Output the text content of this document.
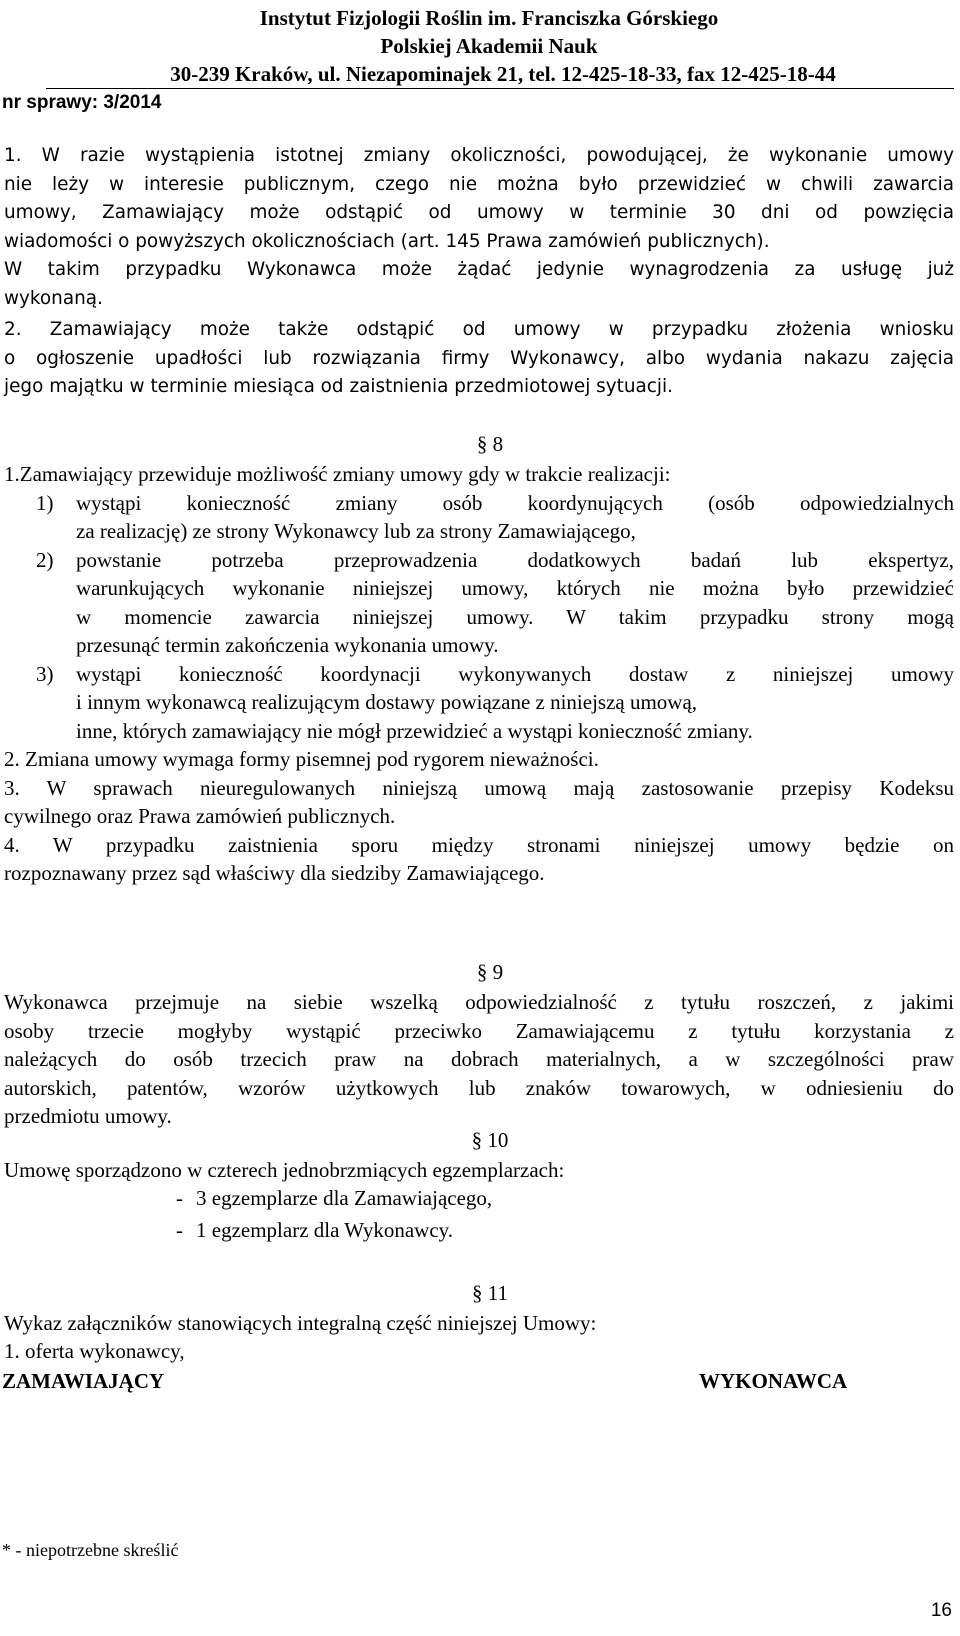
Instytut Fizjologii Roślin im. Franciszka Górskiego
Polskiej Akademii Nauk
30-239 Kraków, ul. Niezapominajek 21, tel. 12-425-18-33, fax 12-425-18-44
nr sprawy: 3/2014
1. W razie wystąpienia istotnej zmiany okoliczności, powodującej, że wykonanie umowy
nie leży w interesie publicznym, czego nie można było przewidzieć w chwili zawarcia
umowy, Zamawiający może odstąpić od umowy w terminie 30 dni od powzięcia
wiadomości o powyższych okolicznościach (art. 145 Prawa zamówień publicznych).
W takim przypadku Wykonawca może żądać jedynie wynagrodzenia za usługę już
wykonaną.
2. Zamawiający może także odstąpić od umowy w przypadku złożenia wniosku
o ogłoszenie upadłości lub rozwiązania firmy Wykonawcy, albo wydania nakazu zajęcia
jego majątku w terminie miesiąca od zaistnienia przedmiotowej sytuacji.
§ 8
1.Zamawiający przewiduje możliwość zmiany umowy gdy w trakcie realizacji:
1)	wystąpi konieczność zmiany osób koordynujących (osób odpowiedzialnych
za realizację) ze strony Wykonawcy lub za strony Zamawiającego,
2)	powstanie potrzeba przeprowadzenia dodatkowych badań lub ekspertyz,
warunkujących wykonanie niniejszej umowy, których nie można było przewidzieć
w momencie zawarcia niniejszej umowy. W takim przypadku strony mogą
przesunąć termin zakończenia wykonania umowy.
3)	wystąpi konieczność koordynacji wykonywanych dostaw z niniejszej umowy
i innym wykonawcą realizującym dostawy powiązane z niniejszą umową,
inne, których zamawiający nie mógł przewidzieć a wystąpi konieczność zmiany.
2. Zmiana umowy wymaga formy pisemnej pod rygorem nieważności.
3. W sprawach nieuregulowanych niniejszą umową mają zastosowanie przepisy Kodeksu
cywilnego oraz Prawa zamówień publicznych.
4. W przypadku zaistnienia sporu między stronami niniejszej umowy będzie on
rozpoznawany przez sąd właściwy dla siedziby Zamawiającego.
§ 9
Wykonawca przejmuje na siebie wszelką odpowiedzialność z tytułu roszczeń, z jakimi
osoby trzecie mogłyby wystąpić przeciwko Zamawiającemu z tytułu korzystania z
należących do osób trzecich praw na dobrach materialnych, a w szczególności praw
autorskich, patentów, wzorów użytkowych lub znaków towarowych, w odniesieniu do
przedmiotu umowy.
§ 10
Umowę sporządzono w czterech jednobrzmiących egzemplarzach:
- 3 egzemplarze dla Zamawiającego,
- 1 egzemplarz dla Wykonawcy.
§ 11
Wykaz załączników stanowiących integralną część niniejszej Umowy:
1. oferta wykonawcy,
ZAMAWIAJĄCY	WYKONAWCA
* - niepotrzebne skreślić
16
